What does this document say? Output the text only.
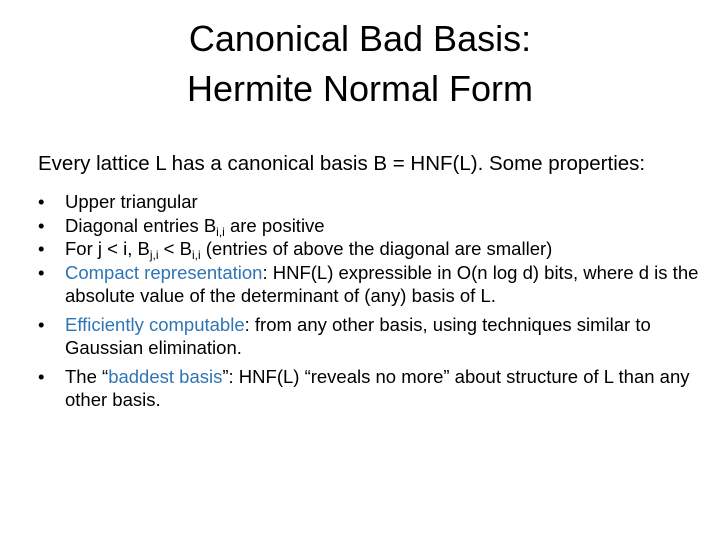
Canonical Bad Basis:
Hermite Normal Form

Every lattice L has a canonical basis B = HNF(L). Some properties:

• Upper triangular
• Diagonal entries $B_{i,i}$ are positive
• For j < i, $B_{j,i} < B_{i,i}$ (entries of above the diagonal are smaller)
• Compact representation: HNF(L) expressible in O(n log d) bits, where d is the absolute value of the determinant of (any) basis of L.
• Efficiently computable: from any other basis, using techniques similar to Gaussian elimination.
• The “baddest basis”: HNF(L) “reveals no more” about structure of L than any other basis.
